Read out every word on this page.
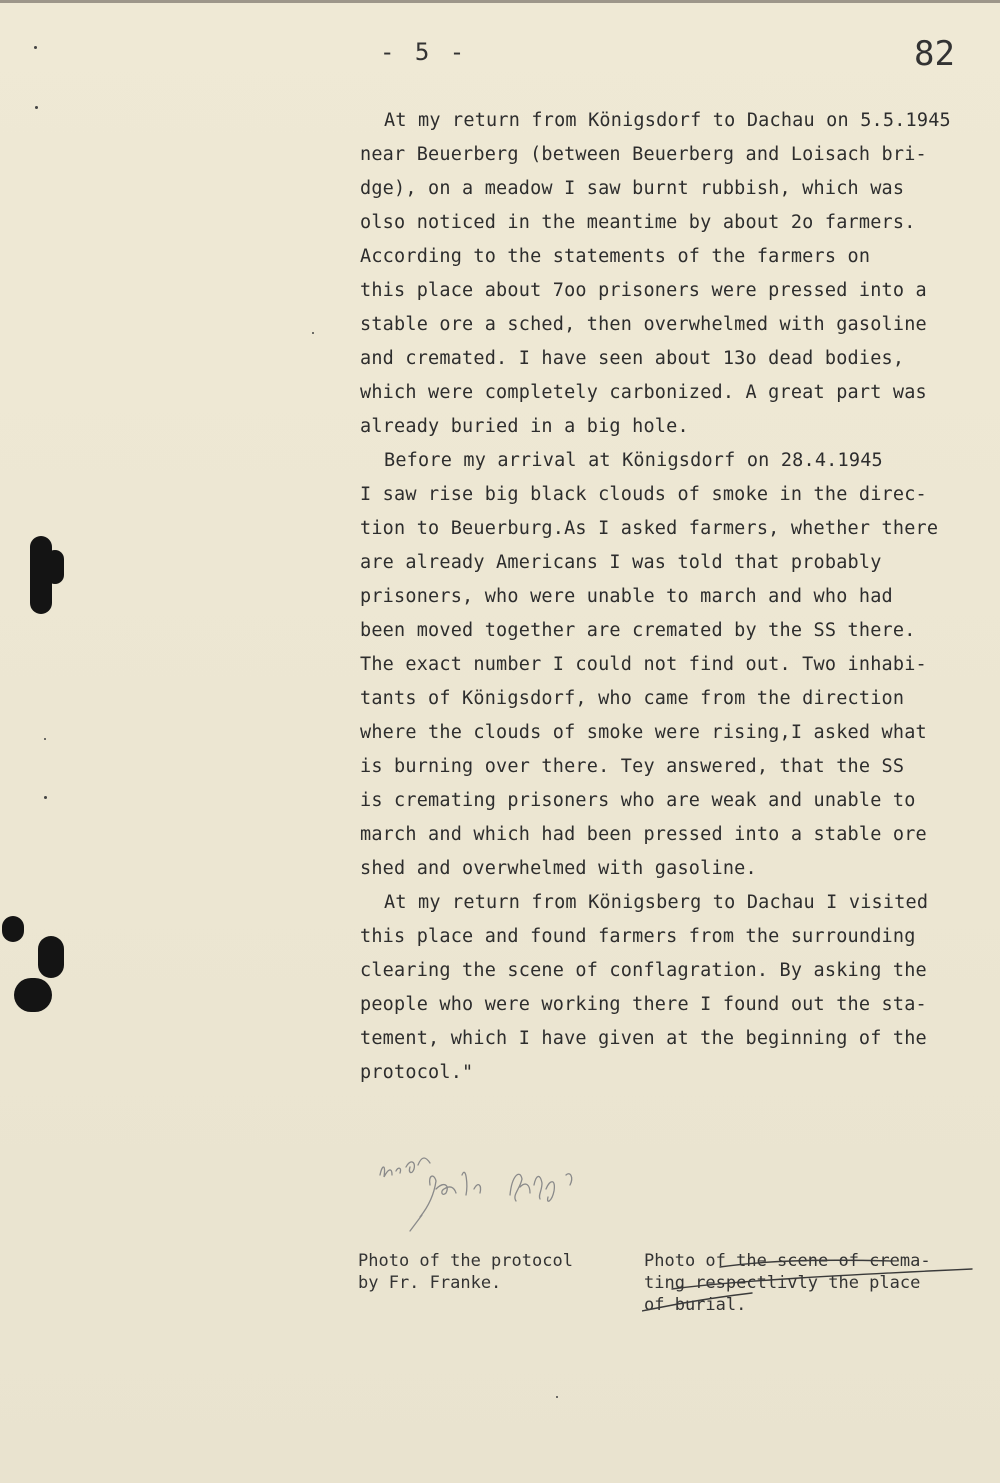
- 5 -	82
At my return from Königsdorf to Dachau on 5.5.1945
near Beuerberg (between Beuerberg and Loisach bri-
dge), on a meadow I saw burnt rubbish, which was
olso noticed in the meantime by about 2o farmers.
According to the statements of the farmers on
this place about 7oo prisoners were pressed into a
stable ore a sched, then overwhelmed with gasoline
and cremated. I have seen about 13o dead bodies,
which were completely carbonized. A great part was
already buried in a big hole.
Before my arrival at Königsdorf on 28.4.1945
I saw rise big black clouds of smoke in the direc-
tion to Beuerburg.As I asked farmers, whether there
are already Americans I was told that probably
prisoners, who were unable to march and who had
been moved together are cremated by the SS there.
The exact number I could not find out. Two inhabi-
tants of Königsdorf, who came from the direction
where the clouds of smoke were rising,I asked what
is burning over there. Tey answered, that the SS
is cremating prisoners who are weak and unable to
march and which had been pressed into a stable ore
shed and overwhelmed with gasoline.
At my return from Königsberg to Dachau I visited
this place and found farmers from the surrounding
clearing the scene of conflagration. By asking the
people who were working there I found out the sta-
tement, which I have given at the beginning of the
protocol."
Photo of the protocol
by Fr. Franke.
Photo of the scene of crema-
ting respectlivly the place
of burial.
